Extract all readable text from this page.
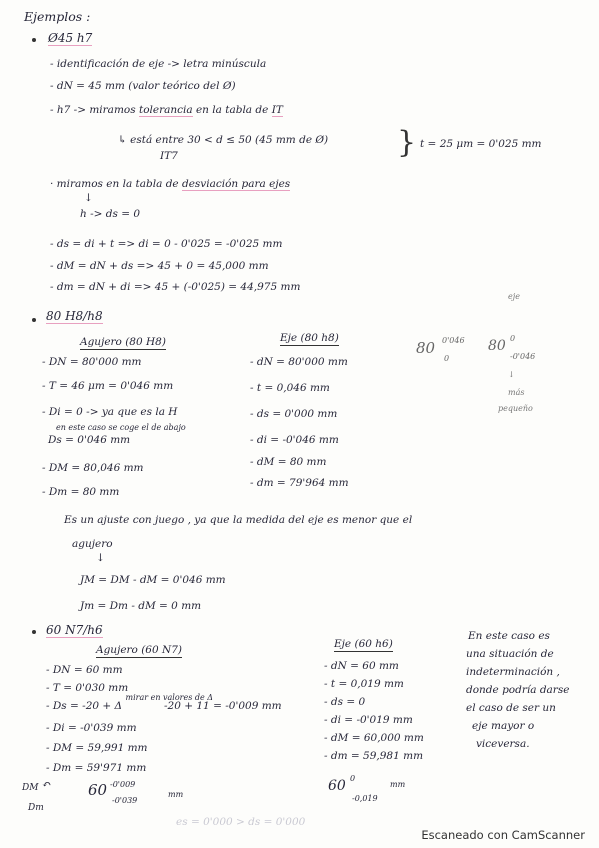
Ejemplos :
Ø45 h7
- identificación de eje -> letra minúscula
- dN = 45 mm (valor teórico del Ø)
- h7 -> miramos tolerancia en la tabla de IT
↳ está entre 30 < d ≤ 50 (45 mm de Ø)
IT7	} t = 25 μm = 0'025 mm
· miramos en la tabla de desviación para ejes
↓
h -> ds = 0
- ds = di + t => di = 0 - 0'025 = -0'025 mm
- dM = dN + ds => 45 + 0 = 45,000 mm
- dm = dN + di => 45 + (-0'025) = 44,975 mm
80 H8/h8
Agujero (80 H8)	Eje (80 h8)
- DN = 80'000 mm
- T = 46 μm = 0'046 mm
- Di = 0 -> ya que es la H
en este caso se coge el de abajo
Ds = 0'046 mm
- DM = 80,046 mm
- Dm = 80 mm
- dN = 80'000 mm
- t = 0,046 mm
- ds = 0'000 mm
- di = -0'046 mm
- dM = 80 mm
- dm = 79'964 mm
80 0'046
0
80 0
-0'046
eje
↓
más
pequeño
Es un ajuste con juego , ya que la medida del eje es menor que el
agujero
↓
JM = DM - dM = 0'046 mm
Jm = Dm - dM = 0 mm
60 N7/h6
Agujero (60 N7)	Eje (60 h6)
- DN = 60 mm
- T = 0'030 mm
- Ds = -20 + Δ $^{mirar en valores de \Delta}$
-20 + 11 = -0'009 mm
- Di = -0'039 mm
- DM = 59,991 mm
- Dm = 59'971 mm
- dN = 60 mm
- t = 0,019 mm
- ds = 0
- di = -0'019 mm
- dM = 60,000 mm
- dm = 59,981 mm
En este caso es
una situación de
indeterminación ,
donde podría darse
el caso de ser un
eje mayor o
viceversa.
DM
Dm
↶ 60 -0'009
-0'039
mm
60 0
-0,019
mm
es = 0'000 > ds = 0'000
Escaneado con CamScanner
